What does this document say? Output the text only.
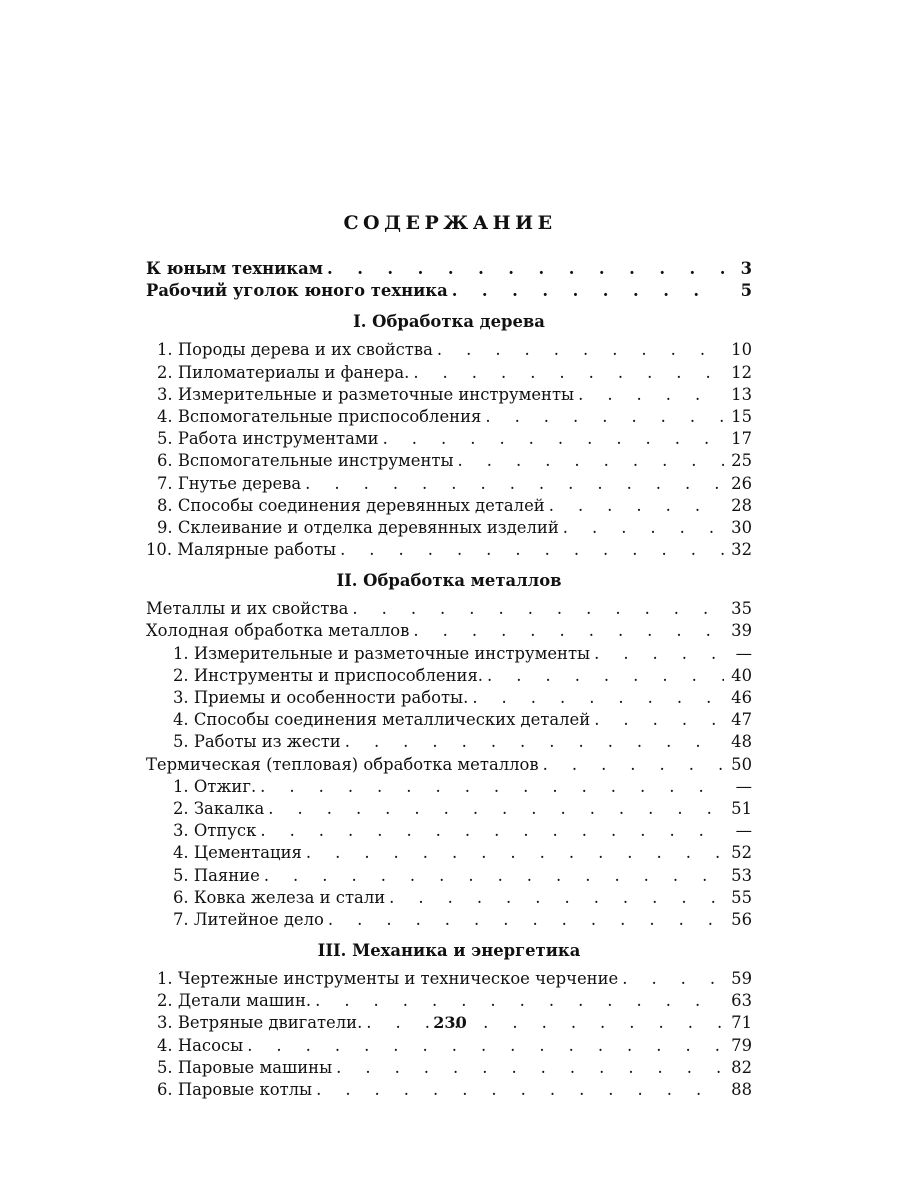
СОДЕРЖАНИЕ
К юным техникам . . .	3
Рабочий уголок юного техника . . .	5
I. Обработка дерева
1. Породы дерева и их свойства . . .	10
2. Пиломатериалы и фанера. . . .	12
3. Измерительные и разметочные инструменты . . .	13
4. Вспомогательные приспособления . . .	15
5. Работа инструментами . . .	17
6. Вспомогательные инструменты . . .	25
7. Гнутье дерева . . .	26
8. Способы соединения деревянных деталей . . .	28
9. Склеивание и отделка деревянных изделий . . .	30
10. Малярные работы . . .	32
II. Обработка металлов
Металлы и их свойства . . .	35
Холодная обработка металлов . . .	39
1. Измерительные и разметочные инструменты . . .	—
2. Инструменты и приспособления. . . .	40
3. Приемы и особенности работы. . . .	46
4. Способы соединения металлических деталей . . .	47
5. Работы из жести . . .	48
Термическая (тепловая) обработка металлов . . .	50
1. Отжиг. . . .	—
2. Закалка . . .	51
3. Отпуск . . .	—
4. Цементация . . .	52
5. Паяние . . .	53
6. Ковка железа и стали . . .	55
7. Литейное дело . . .	56
III. Механика и энергетика
1. Чертежные инструменты и техническое черчение . . .	59
2. Детали машин. . . .	63
3. Ветряные двигатели. . . .	71
4. Насосы . . .	79
5. Паровые машины . . .	82
6. Паровые котлы . . .	88
230
